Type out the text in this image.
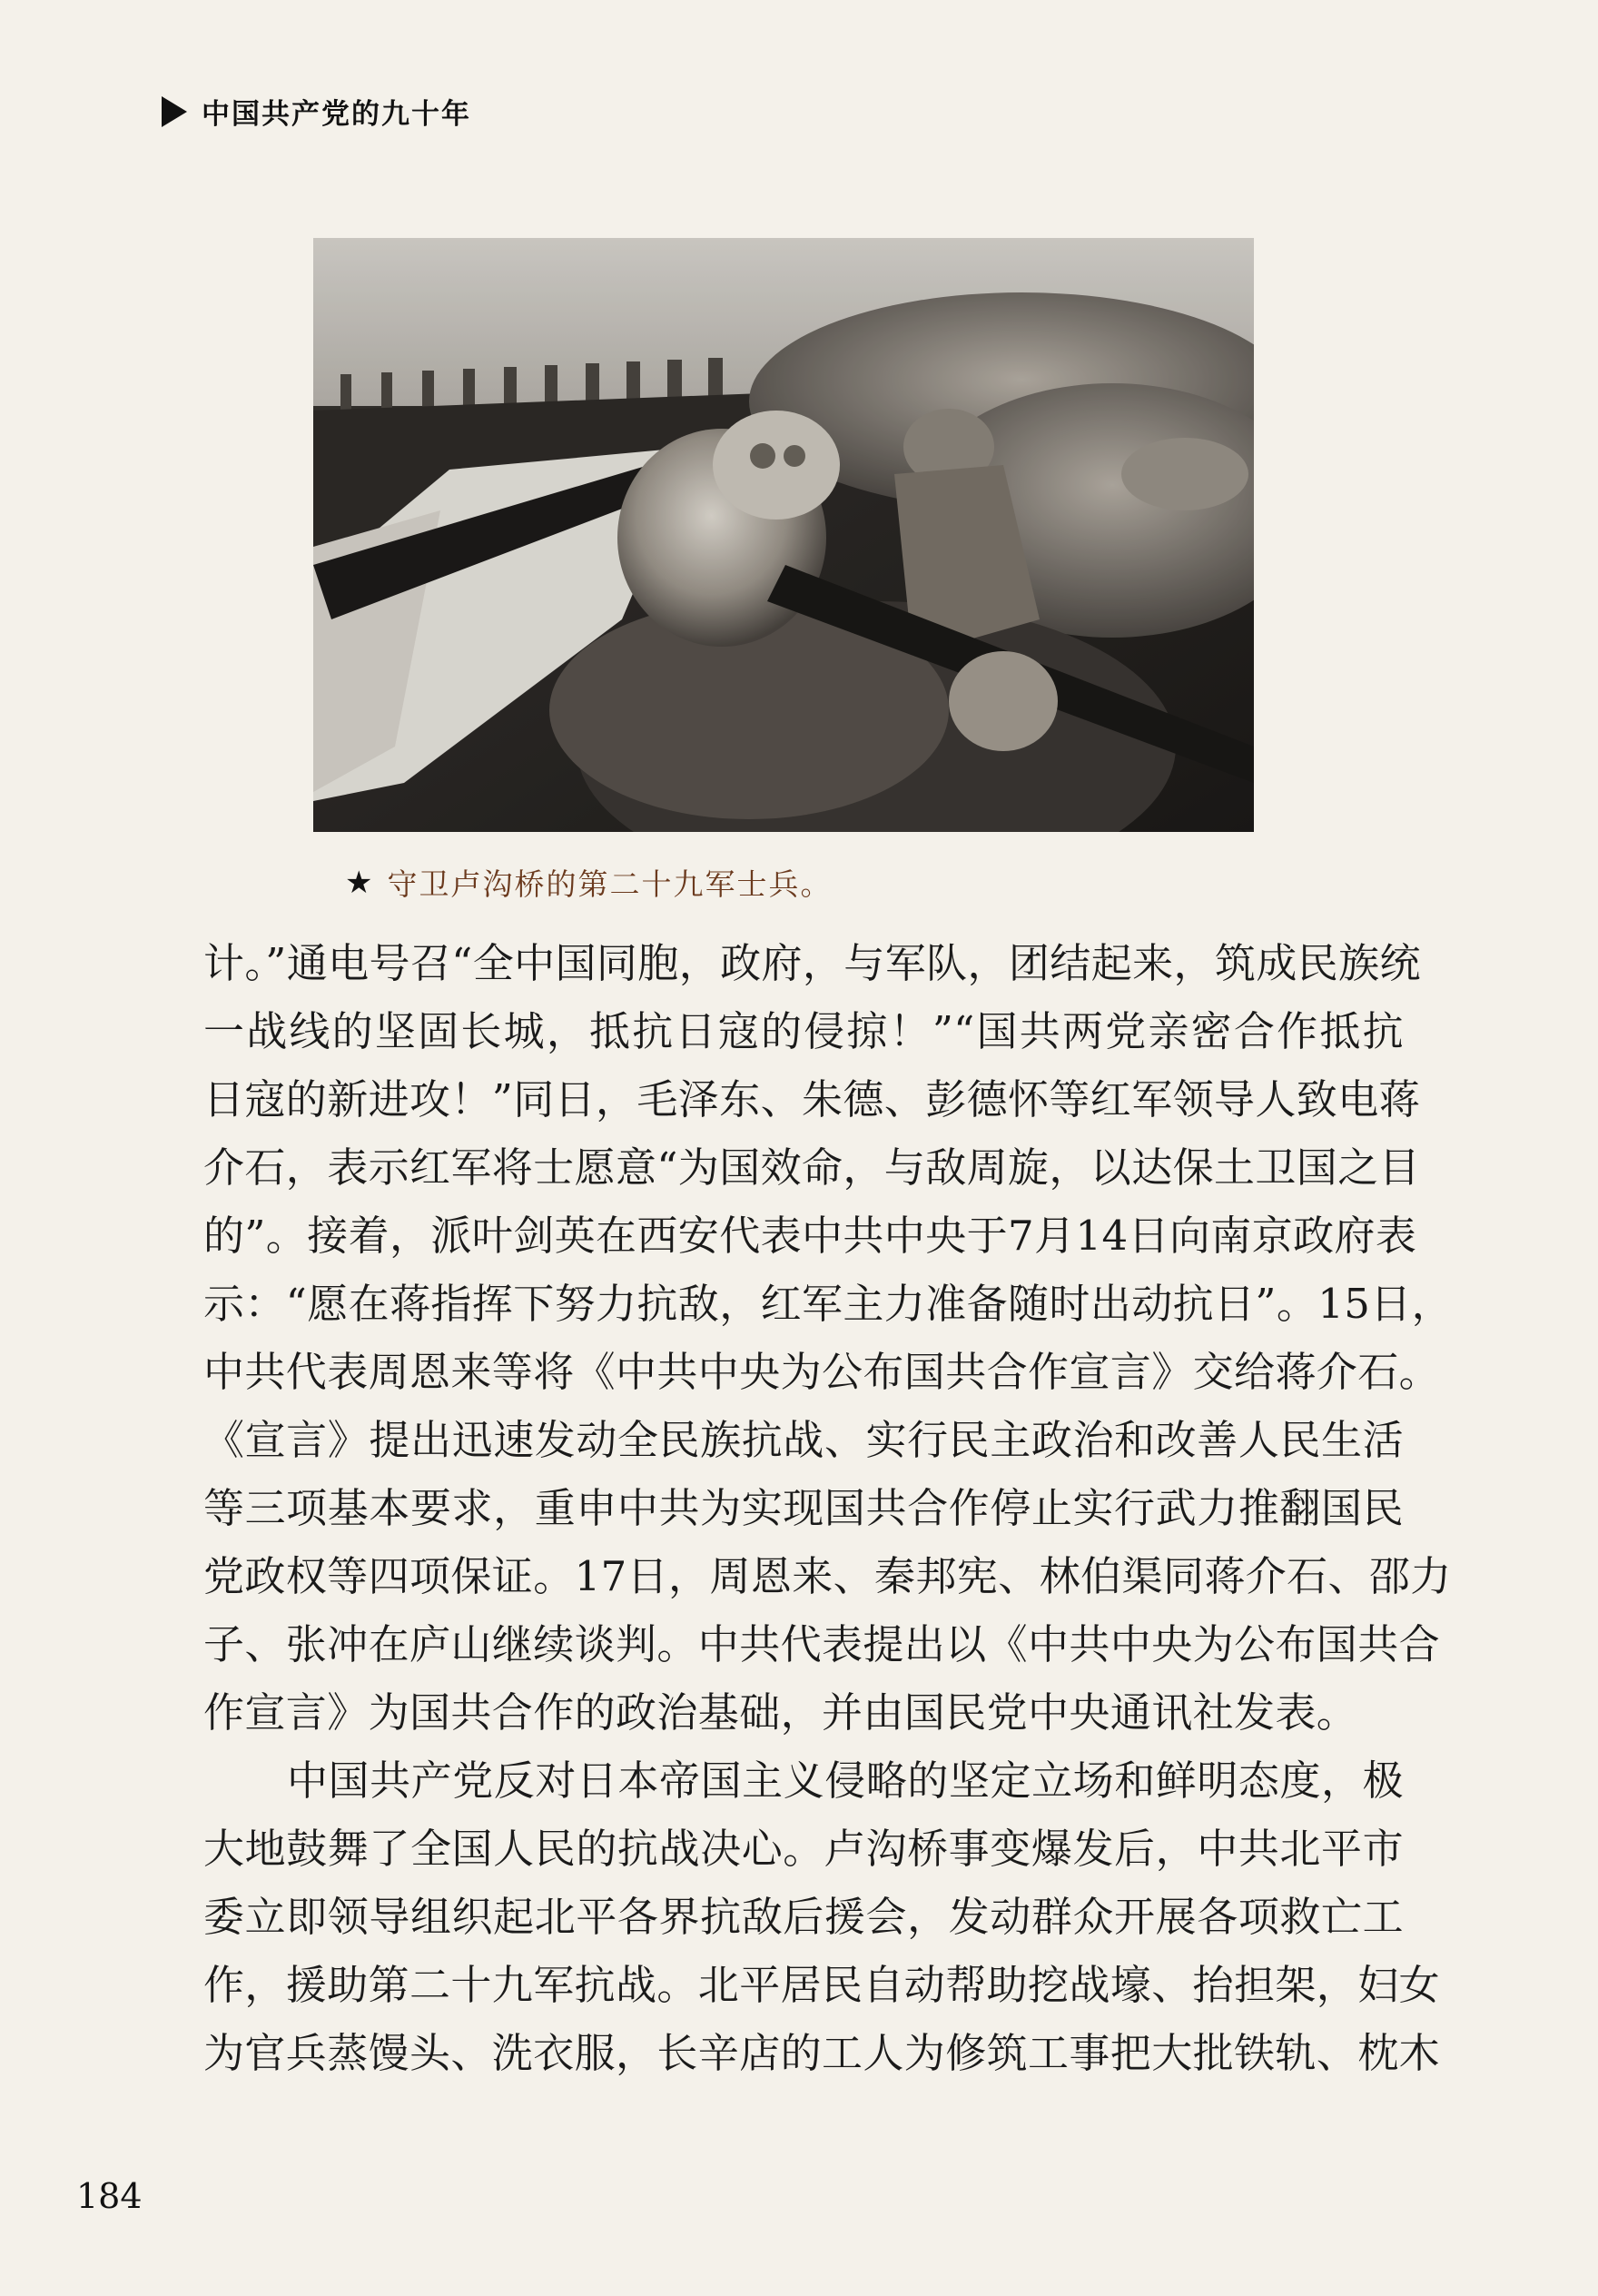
中国共产党的九十年
★ 守卫卢沟桥的第二十九军士兵。
计。”通电号召“全中国同胞，政府，与军队，团结起来，筑成民族统
一战线的坚固长城，抵抗日寇的侵掠！”“国共两党亲密合作抵抗
日寇的新进攻！”同日，毛泽东、朱德、彭德怀等红军领导人致电蒋
介石，表示红军将士愿意“为国效命，与敌周旋，以达保土卫国之目
的”。接着，派叶剑英在西安代表中共中央于7月14日向南京政府表
示：“愿在蒋指挥下努力抗敌，红军主力准备随时出动抗日”。15日，
中共代表周恩来等将《中共中央为公布国共合作宣言》交给蒋介石。
《宣言》提出迅速发动全民族抗战、实行民主政治和改善人民生活
等三项基本要求，重申中共为实现国共合作停止实行武力推翻国民
党政权等四项保证。17日，周恩来、秦邦宪、林伯渠同蒋介石、邵力
子、张冲在庐山继续谈判。中共代表提出以《中共中央为公布国共合
作宣言》为国共合作的政治基础，并由国民党中央通讯社发表。
中国共产党反对日本帝国主义侵略的坚定立场和鲜明态度，极
大地鼓舞了全国人民的抗战决心。卢沟桥事变爆发后，中共北平市
委立即领导组织起北平各界抗敌后援会，发动群众开展各项救亡工
作，援助第二十九军抗战。北平居民自动帮助挖战壕、抬担架，妇女
为官兵蒸馒头、洗衣服，长辛店的工人为修筑工事把大批铁轨、枕木
184
